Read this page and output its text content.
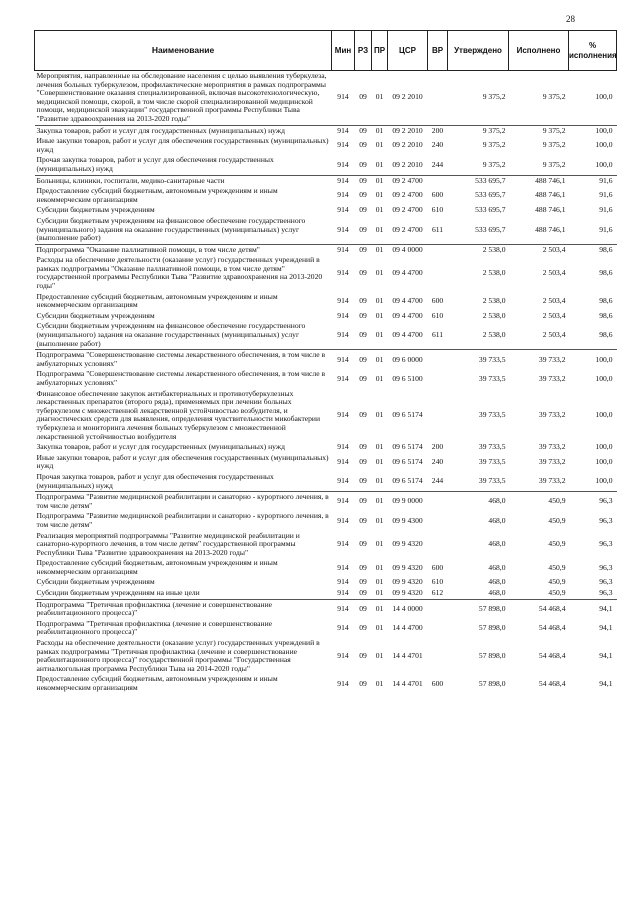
28
Наименование	Мин	РЗ	ПР	ЦСР	ВР	Утверждено	Исполнено	% исполнения
Мероприятия, направленные на обследование населения с целью выявления туберкулеза, лечения больных туберкулезом, профилактические мероприятия в рамках подпрограммы "Совершенствование оказания специализированной, включая высокотехнологическую, медицинской помощи, скорой, в том числе скорой специализированной медицинской помощи, медицинской эвакуации" государственной программы Республики Тыва "Развитие здравоохранения на 2013-2020 годы"	914	09	01	09 2 2010		9 375,2	9 375,2	100,0
Закупка товаров, работ и услуг для государственных (муниципальных) нужд	914	09	01	09 2 2010	200	9 375,2	9 375,2	100,0
Иные закупки товаров, работ и услуг для обеспечения государственных (муниципальных) нужд	914	09	01	09 2 2010	240	9 375,2	9 375,2	100,0
Прочая закупка товаров, работ и услуг для обеспечения государственных (муниципальных) нужд	914	09	01	09 2 2010	244	9 375,2	9 375,2	100,0
Больницы, клиники, госпитали, медико-санитарные части	914	09	01	09 2 4700		533 695,7	488 746,1	91,6
Предоставление субсидий бюджетным, автономным учреждениям и иным некоммерческим организациям	914	09	01	09 2 4700	600	533 695,7	488 746,1	91,6
Субсидии бюджетным учреждениям	914	09	01	09 2 4700	610	533 695,7	488 746,1	91,6
Субсидии бюджетным учреждениям на финансовое обеспечение государственного (муниципального) задания на оказание государственных (муниципальных) услуг (выполнение работ)	914	09	01	09 2 4700	611	533 695,7	488 746,1	91,6
Подпрограмма "Оказание паллиативной помощи, в том числе детям"	914	09	01	09 4 0000		2 538,0	2 503,4	98,6
Расходы на обеспечение деятельности (оказание услуг) государственных учреждений в рамках подпрограммы "Оказание паллиативной помощи, в том числе детям" государственной программы Республики Тыва "Развитие здравоохранения на 2013-2020 годы"	914	09	01	09 4 4700		2 538,0	2 503,4	98,6
Предоставление субсидий бюджетным, автономным учреждениям и иным некоммерческим организациям	914	09	01	09 4 4700	600	2 538,0	2 503,4	98,6
Субсидии бюджетным учреждениям	914	09	01	09 4 4700	610	2 538,0	2 503,4	98,6
Субсидии бюджетным учреждениям на финансовое обеспечение государственного (муниципального) задания на оказание государственных (муниципальных) услуг (выполнение работ)	914	09	01	09 4 4700	611	2 538,0	2 503,4	98,6
Подпрограмма "Совершенствование системы лекарственного обеспечения, в том числе в амбулаторных условиях"	914	09	01	09 6 0000		39 733,5	39 733,2	100,0
Подпрограмма "Совершенствование системы лекарственного обеспечения, в том числе в амбулаторных условиях"	914	09	01	09 6 5100		39 733,5	39 733,2	100,0
Финансовое обеспечение закупок антибактериальных и противотуберкулезных лекарственных препаратов (второго ряда), применяемых при лечении больных туберкулезом с множественной лекарственной устойчивостью возбудителя, и диагностических средств для выявления, определения чувствительности микобактерии туберкулеза и мониторинга лечения больных туберкулезом с множественной лекарственной устойчивостью возбудителя	914	09	01	09 6 5174		39 733,5	39 733,2	100,0
Закупка товаров, работ и услуг для государственных (муниципальных) нужд	914	09	01	09 6 5174	200	39 733,5	39 733,2	100,0
Иные закупки товаров, работ и услуг для обеспечения государственных (муниципальных) нужд	914	09	01	09 6 5174	240	39 733,5	39 733,2	100,0
Прочая закупка товаров, работ и услуг для обеспечения государственных (муниципальных) нужд	914	09	01	09 6 5174	244	39 733,5	39 733,2	100,0
Подпрограмма "Развитие медицинской реабилитации и санаторно - курортного лечения, в том числе детям"	914	09	01	09 9 0000		468,0	450,9	96,3
Подпрограмма "Развитие медицинской реабилитации и санаторно - курортного лечения, в том числе детям"	914	09	01	09 9 4300		468,0	450,9	96,3
Реализация мероприятий подпрограммы "Развитие медицинской реабилитации и санаторно-курортного лечения, в том числе детям" государственной программы Республики Тыва "Развитие здравоохранения на 2013-2020 годы"	914	09	01	09 9 4320		468,0	450,9	96,3
Предоставление субсидий бюджетным, автономным учреждениям и иным некоммерческим организациям	914	09	01	09 9 4320	600	468,0	450,9	96,3
Субсидии бюджетным учреждениям	914	09	01	09 9 4320	610	468,0	450,9	96,3
Субсидии бюджетным учреждениям на иные цели	914	09	01	09 9 4320	612	468,0	450,9	96,3
Подпрограмма "Третичная профилактика (лечение и совершенствование реабилитационного процесса)"	914	09	01	14 4 0000		57 898,0	54 468,4	94,1
Подпрограмма "Третичная профилактика (лечение и совершенствование реабилитационного процесса)"	914	09	01	14 4 4700		57 898,0	54 468,4	94,1
Расходы на обеспечение деятельности (оказание услуг) государственных учреждений в рамках подпрограммы "Третичная профилактика (лечение и совершенствование реабилитационного процесса)" государственной программы "Государственная антиалкогольная программа Республики Тыва на 2014-2020 годы"	914	09	01	14 4 4701		57 898,0	54 468,4	94,1
Предоставление субсидий бюджетным, автономным учреждениям и иным некоммерческим организациям	914	09	01	14 4 4701	600	57 898,0	54 468,4	94,1
